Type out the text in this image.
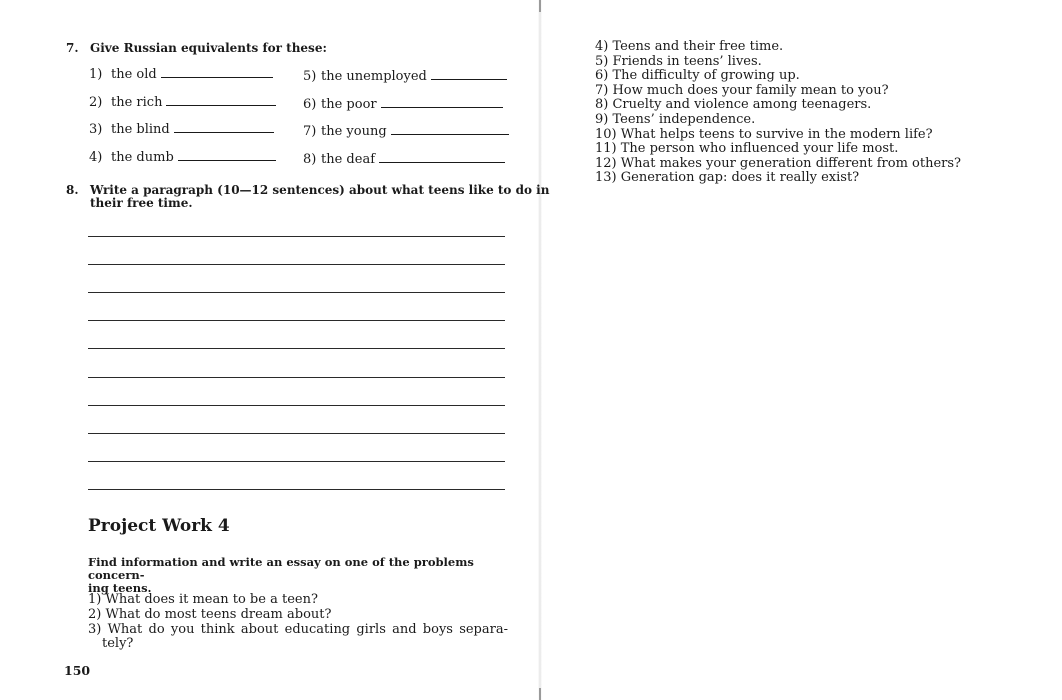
7. Give Russian equivalents for these:
1) the old
2) the rich
3) the blind
4) the dumb
5) the unemployed
6) the poor
7) the young
8) the deaf
8. Write a paragraph (10—12 sentences) about what teens like to do in
their free time.
Project Work 4
Find information and write an essay on one of the problems concern-
ing teens.
1) What does it mean to be a teen?
2) What do most teens dream about?
3) What do you think about educating girls and boys separa-
tely?
150
4) Teens and their free time.
5) Friends in teens’ lives.
6) The difficulty of growing up.
7) How much does your family mean to you?
8) Cruelty and violence among teenagers.
9) Teens’ independence.
10) What helps teens to survive in the modern life?
11) The person who influenced your life most.
12) What makes your generation different from others?
13) Generation gap: does it really exist?
